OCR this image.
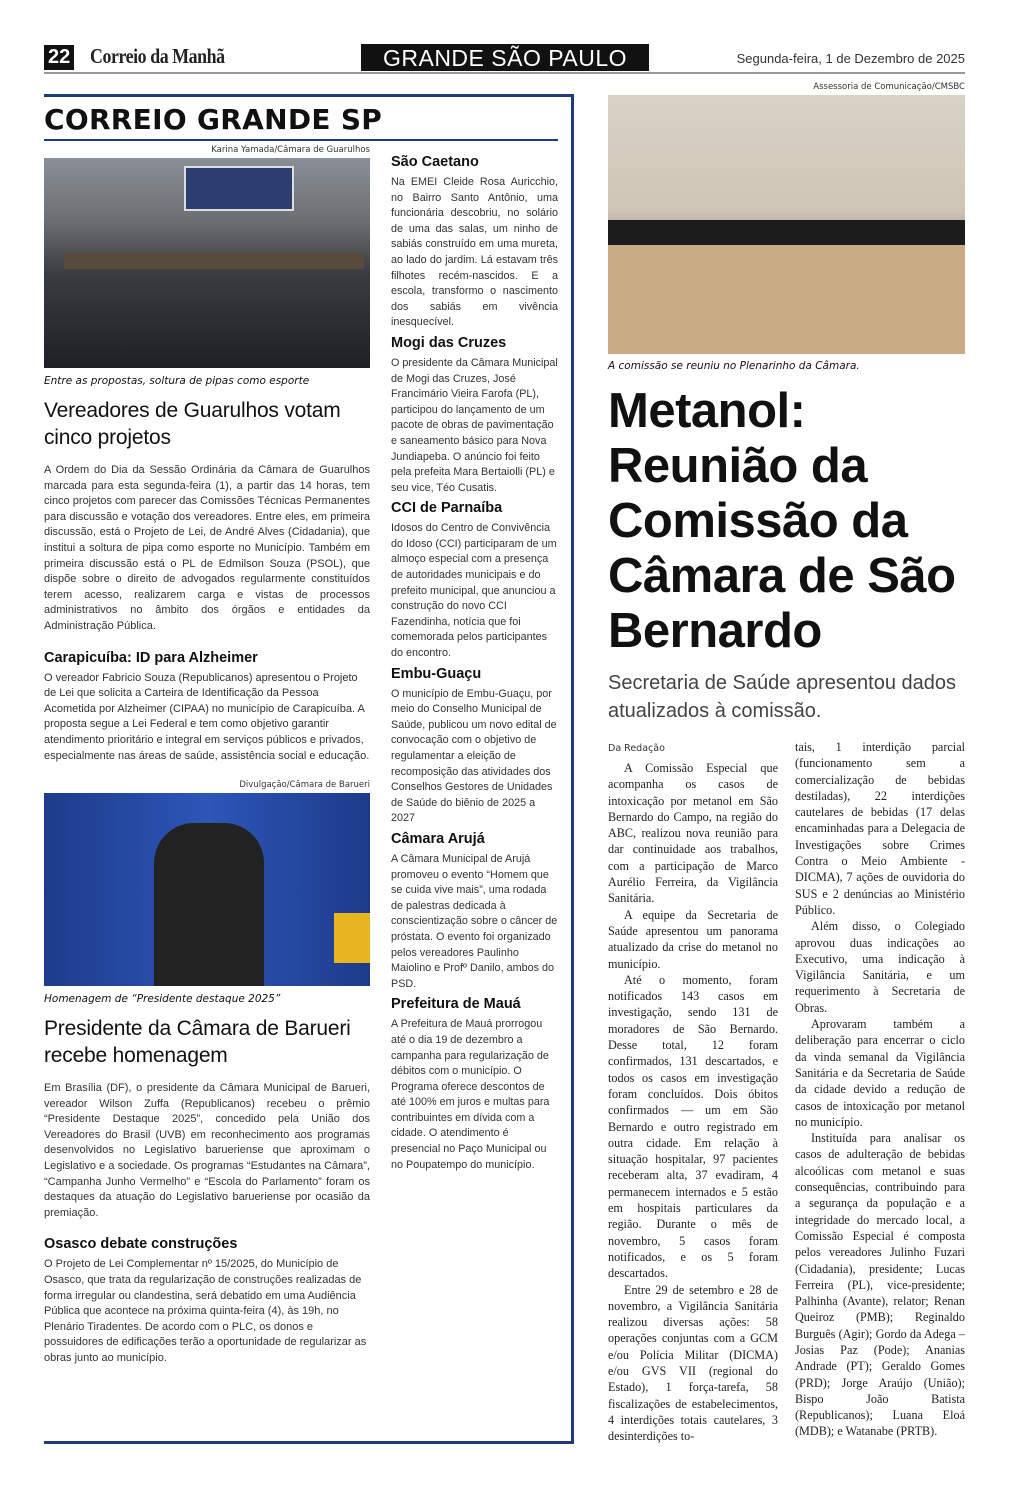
22 Correio da Manhã	GRANDE SÃO PAULO	Segunda-feira, 1 de Dezembro de 2025
CORREIO GRANDE SP
Karina Yamada/Câmara de Guarulhos
Entre as propostas, soltura de pipas como esporte
Vereadores de Guarulhos votam cinco projetos
A Ordem do Dia da Sessão Ordinária da Câmara de Guarulhos marcada para esta segunda-feira (1), a partir das 14 horas, tem cinco projetos com parecer das Comissões Técnicas Permanentes para discussão e votação dos vereadores. Entre eles, em primeira discussão, está o Projeto de Lei, de André Alves (Cidadania), que institui a soltura de pipa como esporte no Município. Também em primeira discussão está o PL de Edmilson Souza (PSOL), que dispõe sobre o direito de advogados regularmente constituídos terem acesso, realizarem carga e vistas de processos administrativos no âmbito dos órgãos e entidades da Administração Pública.
Carapicuíba: ID para Alzheimer
O vereador Fabricio Souza (Republicanos) apresentou o Projeto de Lei que solicita a Carteira de Identificação da Pessoa Acometida por Alzheimer (CIPAA) no município de Carapicuíba. A proposta segue a Lei Federal e tem como objetivo garantir atendimento prioritário e integral em serviços públicos e privados, especialmente nas áreas de saúde, assistência social e educação.
Divulgação/Câmara de Barueri
Homenagem de “Presidente destaque 2025”
Presidente da Câmara de Barueri recebe homenagem
Em Brasília (DF), o presidente da Câmara Municipal de Barueri, vereador Wilson Zuffa (Republicanos) recebeu o prêmio “Presidente Destaque 2025”, concedido pela União dos Vereadores do Brasil (UVB) em reconhecimento aos programas desenvolvidos no Legislativo barueriense que aproximam o Legislativo e a sociedade. Os programas “Estudantes na Câmara”, “Campanha Junho Vermelho” e “Escola do Parlamento” foram os destaques da atuação do Legislativo barueriense por ocasião da premiação.
Osasco debate construções
O Projeto de Lei Complementar nº 15/2025, do Município de Osasco, que trata da regularização de construções realizadas de forma irregular ou clandestina, será debatido em uma Audiência Pública que acontece na próxima quinta-feira (4), às 19h, no Plenário Tiradentes. De acordo com o PLC, os donos e possuidores de edificações terão a oportunidade de regularizar as obras junto ao município.
São Caetano
Na EMEI Cleide Rosa Auricchio, no Bairro Santo Antônio, uma funcionária descobriu, no solário de uma das salas, um ninho de sabiás construído em uma mureta, ao lado do jardim. Lá estavam três filhotes recém-nascidos. E a escola, transformo o nascimento dos sabiás em vivência inesquecível.
Mogi das Cruzes
O presidente da Câmara Municipal de Mogi das Cruzes, José Francimário Vieira Farofa (PL), participou do lançamento de um pacote de obras de pavimentação e saneamento básico para Nova Jundiapeba. O anúncio foi feito pela prefeita Mara Bertaiolli (PL) e seu vice, Téo Cusatis.
CCI de Parnaíba
Idosos do Centro de Convivência do Idoso (CCI) participaram de um almoço especial com a presença de autoridades municipais e do prefeito municipal, que anunciou a construção do novo CCI Fazendinha, notícia que foi comemorada pelos participantes do encontro.
Embu-Guaçu
O município de Embu-Guaçu, por meio do Conselho Municipal de Saúde, publicou um novo edital de convocação com o objetivo de regulamentar a eleição de recomposição das atividades dos Conselhos Gestores de Unidades de Saúde do biênio de 2025 a 2027
Câmara Arujá
A Câmara Municipal de Arujá promoveu o evento “Homem que se cuida vive mais”, uma rodada de palestras dedicada à conscientização sobre o câncer de próstata. O evento foi organizado pelos vereadores Paulinho Maiolino e Profº Danilo, ambos do PSD.
Prefeitura de Mauá
A Prefeitura de Mauá prorrogou até o dia 19 de dezembro a campanha para regularização de débitos com o município. O Programa oferece descontos de até 100% em juros e multas para contribuintes em dívida com a cidade. O atendimento é presencial no Paço Municipal ou no Poupatempo do município.
Assessoria de Comunicação/CMSBC
A comissão se reuniu no Plenarinho da Câmara.
Metanol: Reunião da Comissão da Câmara de São Bernardo
Secretaria de Saúde apresentou dados atualizados à comissão.
Da Redação

A Comissão Especial que acompanha os casos de intoxicação por metanol em São Bernardo do Campo, na região do ABC, realizou nova reunião para dar continuidade aos trabalhos, com a participação de Marco Aurélio Ferreira, da Vigilância Sanitária.

A equipe da Secretaria de Saúde apresentou um panorama atualizado da crise do metanol no município.

Até o momento, foram notificados 143 casos em investigação, sendo 131 de moradores de São Bernardo. Desse total, 12 foram confirmados, 131 descartados, e todos os casos em investigação foram concluídos. Dois óbitos confirmados — um em São Bernardo e outro registrado em outra cidade. Em relação à situação hospitalar, 97 pacientes receberam alta, 37 evadiram, 4 permanecem internados e 5 estão em hospitais particulares da região. Durante o mês de novembro, 5 casos foram notificados, e os 5 foram descartados.

Entre 29 de setembro e 28 de novembro, a Vigilância Sanitária realizou diversas ações: 58 operações conjuntas com a GCM e/ou Polícia Militar (DICMA) e/ou GVS VII (regional do Estado), 1 força-tarefa, 58 fiscalizações de estabelecimentos, 4 interdições totais cautelares, 3 desinterdições to-

tais, 1 interdição parcial (funcionamento sem a comercialização de bebidas destiladas), 22 interdições cautelares de bebidas (17 delas encaminhadas para a Delegacia de Investigações sobre Crimes Contra o Meio Ambiente - DICMA), 7 ações de ouvidoria do SUS e 2 denúncias ao Ministério Público.

Além disso, o Colegiado aprovou duas indicações ao Executivo, uma indicação à Vigilância Sanitária, e um requerimento à Secretaria de Obras.

Aprovaram também a deliberação para encerrar o ciclo da vinda semanal da Vigilância Sanitária e da Secretaria de Saúde da cidade devido a redução de casos de intoxicação por metanol no município.

Instituída para analisar os casos de adulteração de bebidas alcoólicas com metanol e suas consequências, contribuindo para a segurança da população e a integridade do mercado local, a Comissão Especial é composta pelos vereadores Julinho Fuzari (Cidadania), presidente; Lucas Ferreira (PL), vice-presidente; Palhinha (Avante), relator; Renan Queiroz (PMB); Reginaldo Burguês (Agir); Gordo da Adega – Josias Paz (Pode); Ananias Andrade (PT); Geraldo Gomes (PRD); Jorge Araújo (União); Bispo João Batista (Republicanos); Luana Eloá (MDB); e Watanabe (PRTB).
